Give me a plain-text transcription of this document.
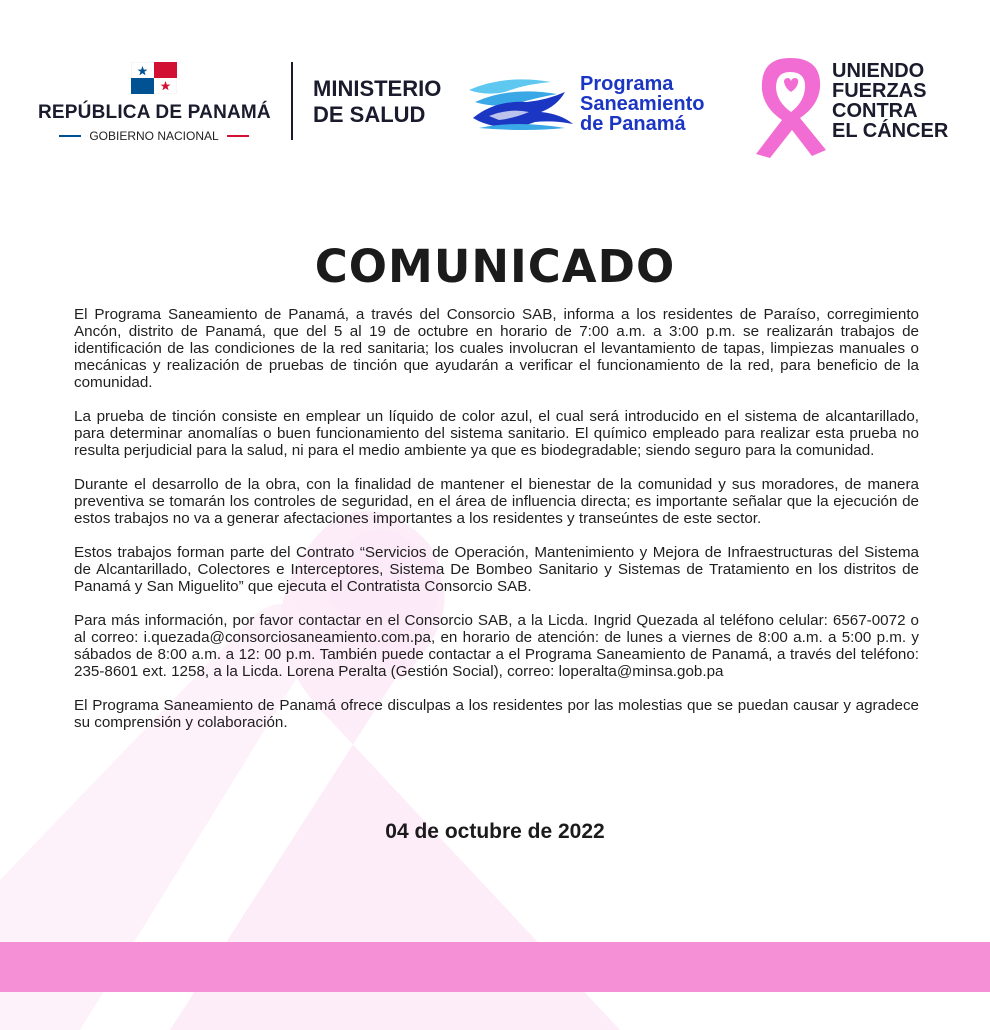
REPÚBLICA DE PANAMÁ
GOBIERNO NACIONAL
MINISTERIO
DE SALUD
Programa
Saneamiento
de Panamá
UNIENDO
FUERZAS
CONTRA
EL CÁNCER
COMUNICADO

El Programa Saneamiento de Panamá, a través del Consorcio SAB, informa a los residentes de Paraíso, corregimiento Ancón, distrito de Panamá, que del 5 al 19 de octubre en horario de 7:00 a.m. a 3:00 p.m. se realizarán trabajos de identificación de las condiciones de la red sanitaria; los cuales involucran el levantamiento de tapas, limpiezas manuales o mecánicas y realización de pruebas de tinción que ayudarán a verificar el funcionamiento de la red, para beneficio de la comunidad.

La prueba de tinción consiste en emplear un líquido de color azul, el cual será introducido en el sistema de alcantarillado, para determinar anomalías o buen funcionamiento del sistema sanitario. El químico empleado para realizar esta prueba no resulta perjudicial para la salud, ni para el medio ambiente ya que es biodegradable; siendo seguro para la comunidad.

Durante el desarrollo de la obra, con la finalidad de mantener el bienestar de la comunidad y sus moradores, de manera preventiva se tomarán los controles de seguridad, en el área de influencia directa; es importante señalar que la ejecución de estos trabajos no va a generar afectaciones importantes a los residentes y transeúntes de este sector.

Estos trabajos forman parte del Contrato “Servicios de Operación, Mantenimiento y Mejora de Infraestructuras del Sistema de Alcantarillado, Colectores e Interceptores, Sistema De Bombeo Sanitario y Sistemas de Tratamiento en los distritos de Panamá y San Miguelito” que ejecuta el Contratista Consorcio SAB.

Para más información, por favor contactar en el Consorcio SAB, a la Licda. Ingrid Quezada al teléfono celular: 6567-0072 o al correo: i.quezada@consorciosaneamiento.com.pa, en horario de atención: de lunes a viernes de 8:00 a.m. a 5:00 p.m. y sábados de 8:00 a.m. a 12: 00 p.m. También puede contactar a el Programa Saneamiento de Panamá, a través del teléfono: 235-8601 ext. 1258, a la Licda. Lorena Peralta (Gestión Social), correo: loperalta@minsa.gob.pa

El Programa Saneamiento de Panamá ofrece disculpas a los residentes por las molestias que se puedan causar y agradece su comprensión y colaboración.

04 de octubre de 2022
